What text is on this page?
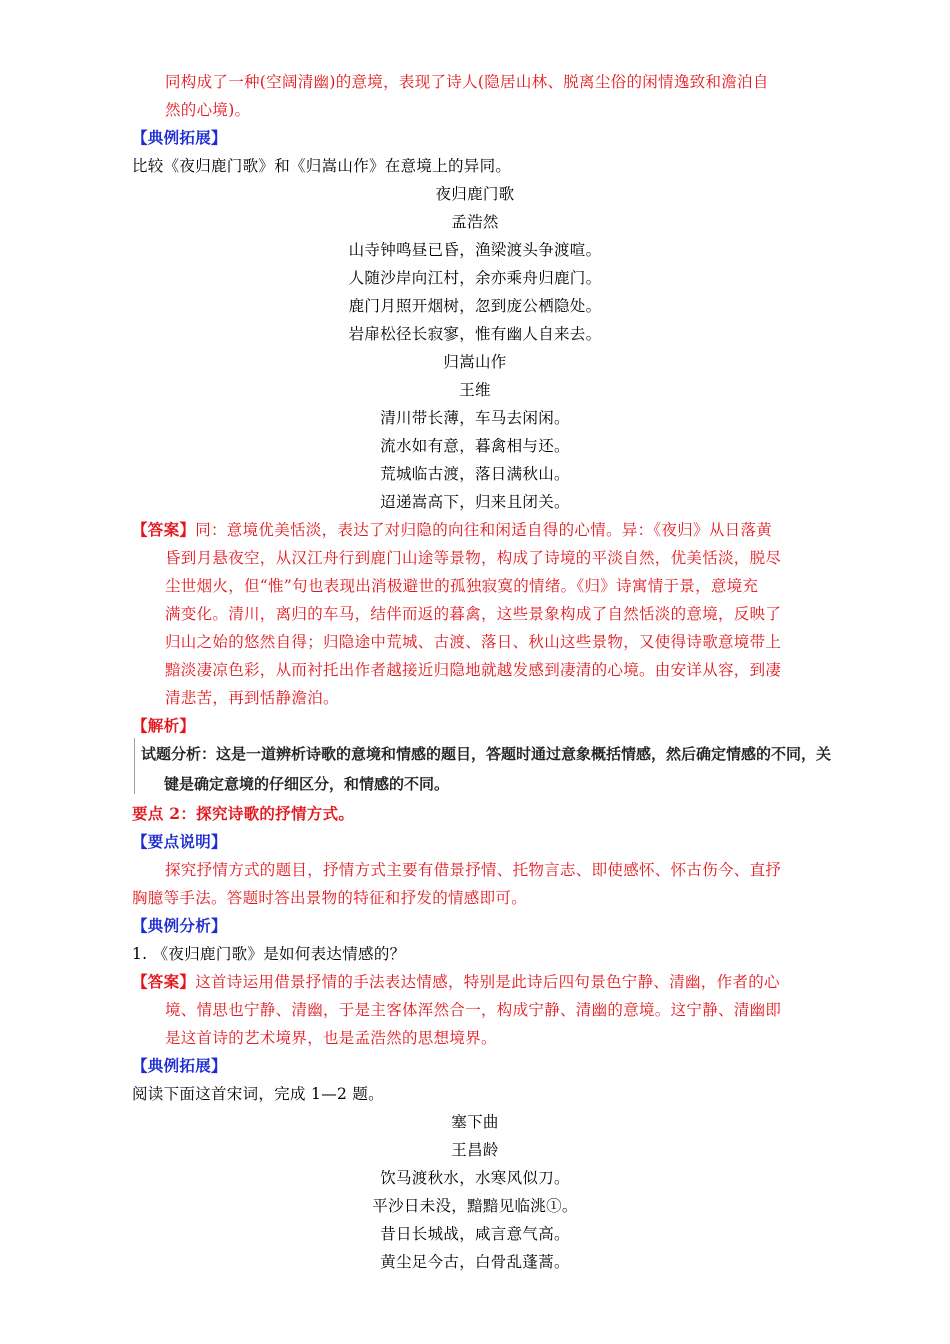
同构成了一种(空阔清幽)的意境，表现了诗人(隐居山林、脱离尘俗的闲情逸致和澹泊自
然的心境)。
【典例拓展】
比较《夜归鹿门歌》和《归嵩山作》在意境上的异同。
夜归鹿门歌
孟浩然
山寺钟鸣昼已昏，渔梁渡头争渡喧。
人随沙岸向江村，余亦乘舟归鹿门。
鹿门月照开烟树，忽到庞公栖隐处。
岩扉松径长寂寥，惟有幽人自来去。
归嵩山作
王维
清川带长薄，车马去闲闲。
流水如有意，暮禽相与还。
荒城临古渡，落日满秋山。
迢递嵩高下，归来且闭关。
【答案】同：意境优美恬淡，表达了对归隐的向往和闲适自得的心情。异：《夜归》从日落黄
昏到月悬夜空，从汉江舟行到鹿门山途等景物，构成了诗境的平淡自然，优美恬淡，脱尽
尘世烟火，但“惟”句也表现出消极避世的孤独寂寞的情绪。《归》诗寓情于景，意境充
满变化。清川，离归的车马，结伴而返的暮禽，这些景象构成了自然恬淡的意境，反映了
归山之始的悠然自得；归隐途中荒城、古渡、落日、秋山这些景物，又使得诗歌意境带上
黯淡凄凉色彩，从而衬托出作者越接近归隐地就越发感到凄清的心境。由安详从容，到凄
清悲苦，再到恬静澹泊。
【解析】
试题分析：这是一道辨析诗歌的意境和情感的题目，答题时通过意象概括情感，然后确定情感的不同，关
键是确定意境的仔细区分，和情感的不同。
要点 2：探究诗歌的抒情方式。
【要点说明】
探究抒情方式的题目，抒情方式主要有借景抒情、托物言志、即使感怀、怀古伤今、直抒
胸臆等手法。答题时答出景物的特征和抒发的情感即可。
【典例分析】
1. 《夜归鹿门歌》是如何表达情感的？
【答案】这首诗运用借景抒情的手法表达情感，特别是此诗后四句景色宁静、清幽，作者的心
境、情思也宁静、清幽，于是主客体浑然合一，构成宁静、清幽的意境。这宁静、清幽即
是这首诗的艺术境界，也是孟浩然的思想境界。
【典例拓展】
阅读下面这首宋词，完成 1—2 题。
塞下曲
王昌龄
饮马渡秋水，水寒风似刀。
平沙日未没，黯黯见临洮①。
昔日长城战，咸言意气高。
黄尘足今古，白骨乱蓬蒿。
